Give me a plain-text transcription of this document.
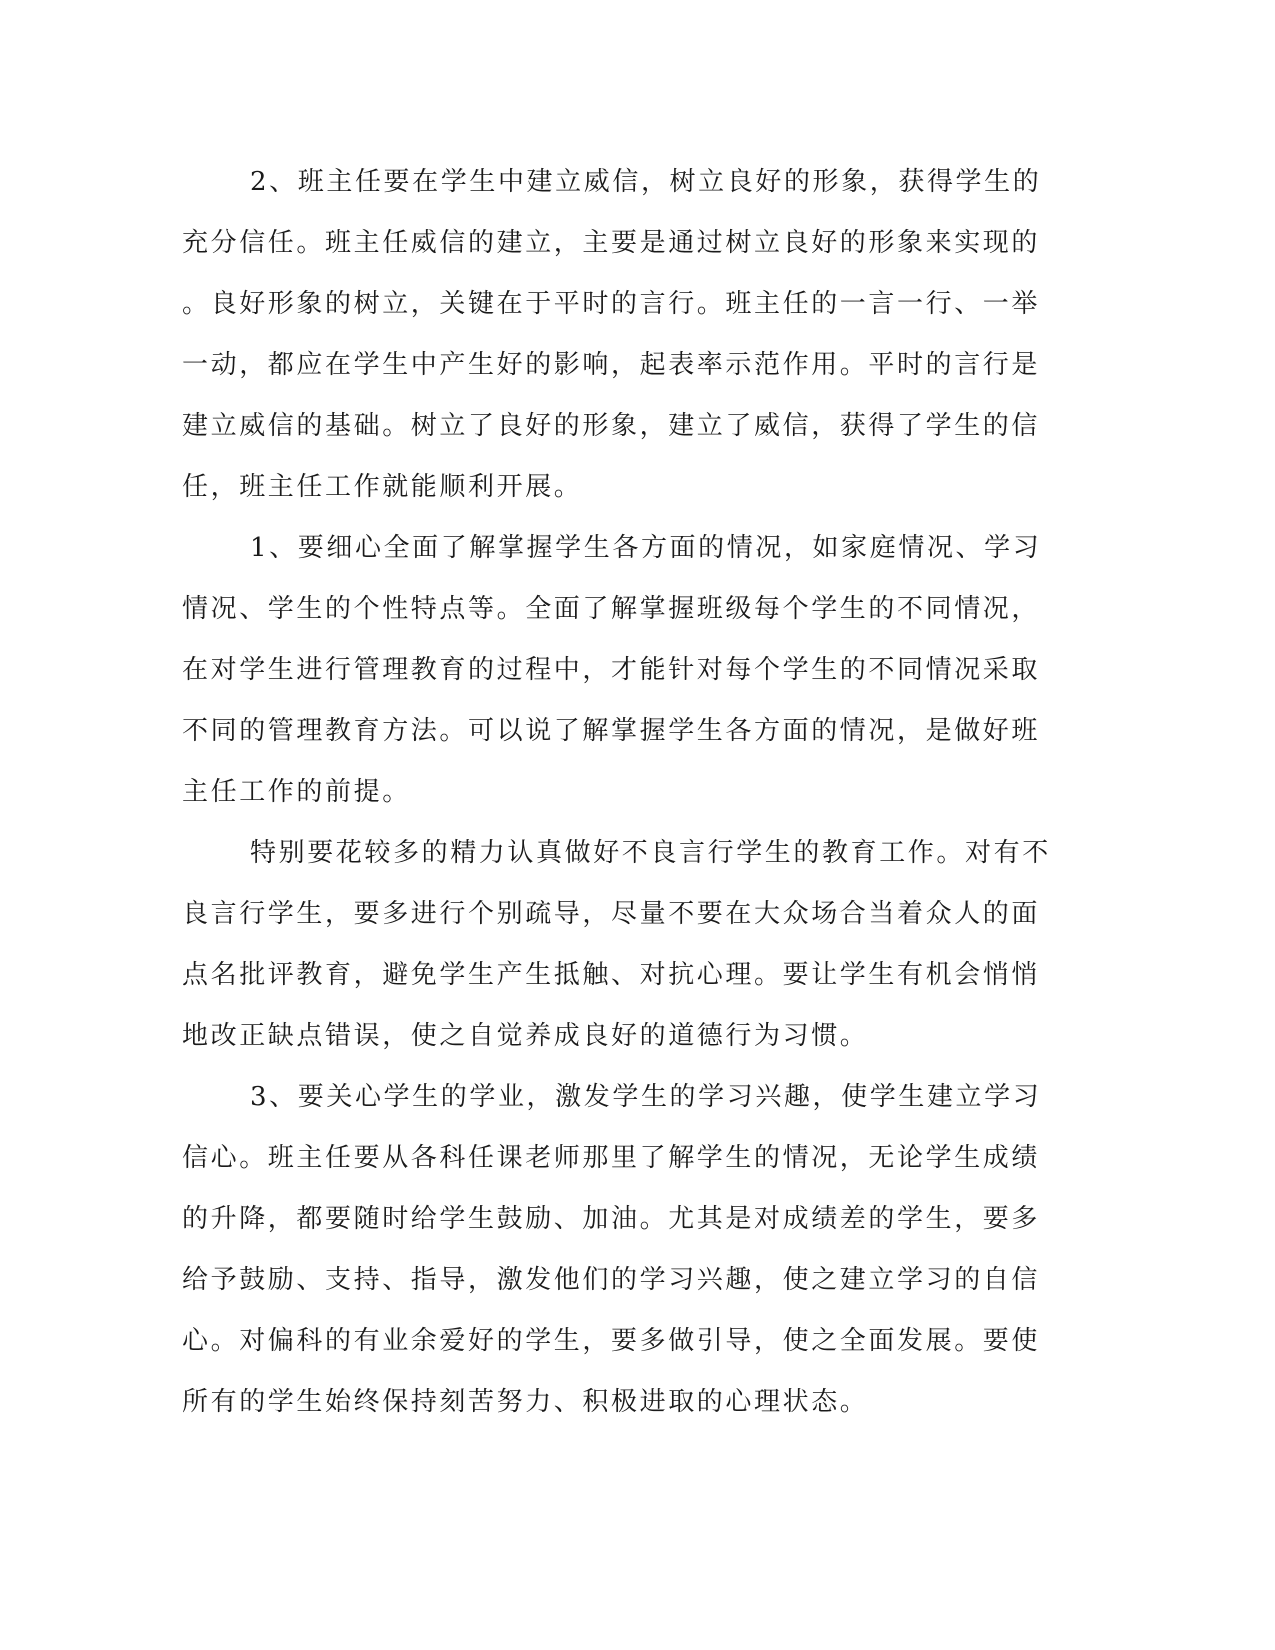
2、班主任要在学生中建立威信，树立良好的形象，获得学生的
充分信任。班主任威信的建立，主要是通过树立良好的形象来实现的
。良好形象的树立，关键在于平时的言行。班主任的一言一行、一举
一动，都应在学生中产生好的影响，起表率示范作用。平时的言行是
建立威信的基础。树立了良好的形象，建立了威信，获得了学生的信
任，班主任工作就能顺利开展。
1、要细心全面了解掌握学生各方面的情况，如家庭情况、学习
情况、学生的个性特点等。全面了解掌握班级每个学生的不同情况，
在对学生进行管理教育的过程中，才能针对每个学生的不同情况采取
不同的管理教育方法。可以说了解掌握学生各方面的情况，是做好班
主任工作的前提。
特别要花较多的精力认真做好不良言行学生的教育工作。对有不
良言行学生，要多进行个别疏导，尽量不要在大众场合当着众人的面
点名批评教育，避免学生产生抵触、对抗心理。要让学生有机会悄悄
地改正缺点错误，使之自觉养成良好的道德行为习惯。
3、要关心学生的学业，激发学生的学习兴趣，使学生建立学习
信心。班主任要从各科任课老师那里了解学生的情况，无论学生成绩
的升降，都要随时给学生鼓励、加油。尤其是对成绩差的学生，要多
给予鼓励、支持、指导，激发他们的学习兴趣，使之建立学习的自信
心。对偏科的有业余爱好的学生，要多做引导，使之全面发展。要使
所有的学生始终保持刻苦努力、积极进取的心理状态。
